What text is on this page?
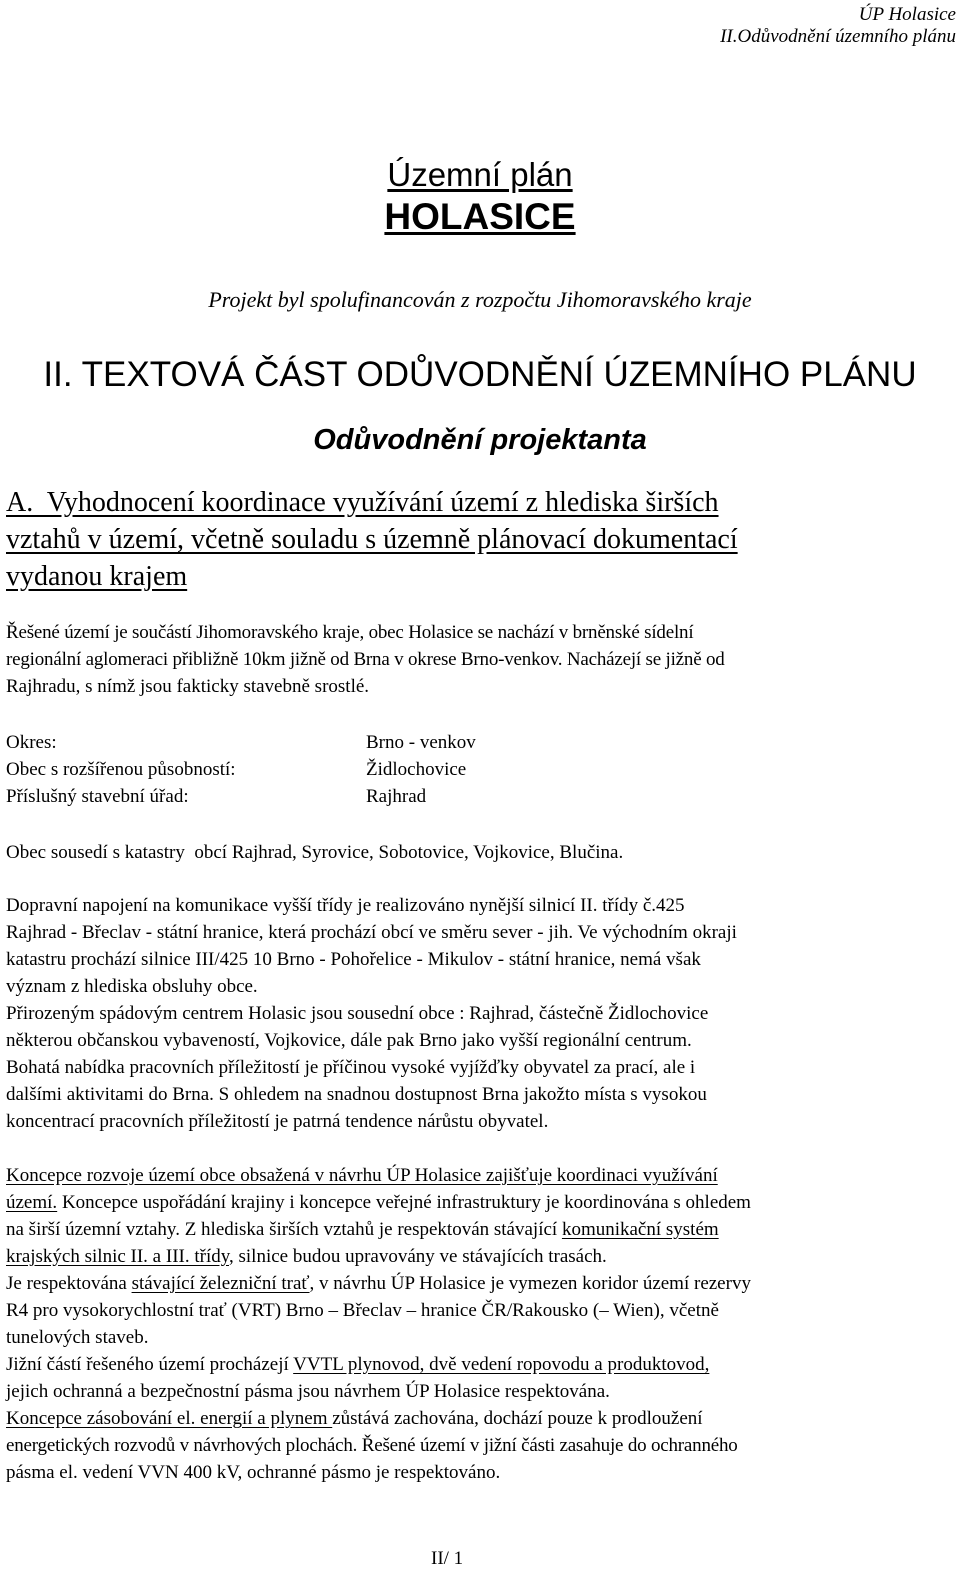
ÚP Holasice
II.Odůvodnění územního plánu
Územní plán
HOLASICE
Projekt byl spolufinancován z rozpočtu Jihomoravského kraje
II. TEXTOVÁ ČÁST ODŮVODNĚNÍ ÚZEMNÍHO PLÁNU
Odůvodnění projektanta
A.  Vyhodnocení koordinace využívání území z hlediska širších
vztahů v území, včetně souladu s územně plánovací dokumentací
vydanou krajem
Řešené území je součástí Jihomoravského kraje, obec Holasice se nachází v brněnské sídelní
regionální aglomeraci přibližně 10km jižně od Brna v okrese Brno-venkov. Nacházejí se jižně od
Rajhradu, s nímž jsou fakticky stavebně srostlé.
Okres:	Brno - venkov
Obec s rozšířenou působností:	Židlochovice
Příslušný stavební úřad:	Rajhrad
Obec sousedí s katastry  obcí Rajhrad, Syrovice, Sobotovice, Vojkovice, Blučina.
Dopravní napojení na komunikace vyšší třídy je realizováno nynější silnicí II. třídy č.425
Rajhrad - Břeclav - státní hranice, která prochází obcí ve směru sever - jih. Ve východním okraji
katastru prochází silnice III/425 10 Brno - Pohořelice - Mikulov - státní hranice, nemá však
význam z hlediska obsluhy obce.
Přirozeným spádovým centrem Holasic jsou sousední obce : Rajhrad, částečně Židlochovice
některou občanskou vybaveností, Vojkovice, dále pak Brno jako vyšší regionální centrum.
Bohatá nabídka pracovních příležitostí je příčinou vysoké vyjížďky obyvatel za prací, ale i
dalšími aktivitami do Brna. S ohledem na snadnou dostupnost Brna jakožto místa s vysokou
koncentrací pracovních příležitostí je patrná tendence nárůstu obyvatel.
Koncepce rozvoje území obce obsažená v návrhu ÚP Holasice zajišťuje koordinaci využívání
území. Koncepce uspořádání krajiny i koncepce veřejné infrastruktury je koordinována s ohledem
na širší územní vztahy. Z hlediska širších vztahů je respektován stávající komunikační systém
krajských silnic II. a III. třídy, silnice budou upravovány ve stávajících trasách.
Je respektována stávající železniční trať, v návrhu ÚP Holasice je vymezen koridor území rezervy
R4 pro vysokorychlostní trať (VRT) Brno – Břeclav – hranice ČR/Rakousko (– Wien), včetně
tunelových staveb.
Jižní částí řešeného území procházejí VVTL plynovod, dvě vedení ropovodu a produktovod,
jejich ochranná a bezpečnostní pásma jsou návrhem ÚP Holasice respektována.
Koncepce zásobování el. energií a plynem zůstává zachována, dochází pouze k prodloužení
energetických rozvodů v návrhových plochách. Řešené území v jižní části zasahuje do ochranného
pásma el. vedení VVN 400 kV, ochranné pásmo je respektováno.
II/ 1
